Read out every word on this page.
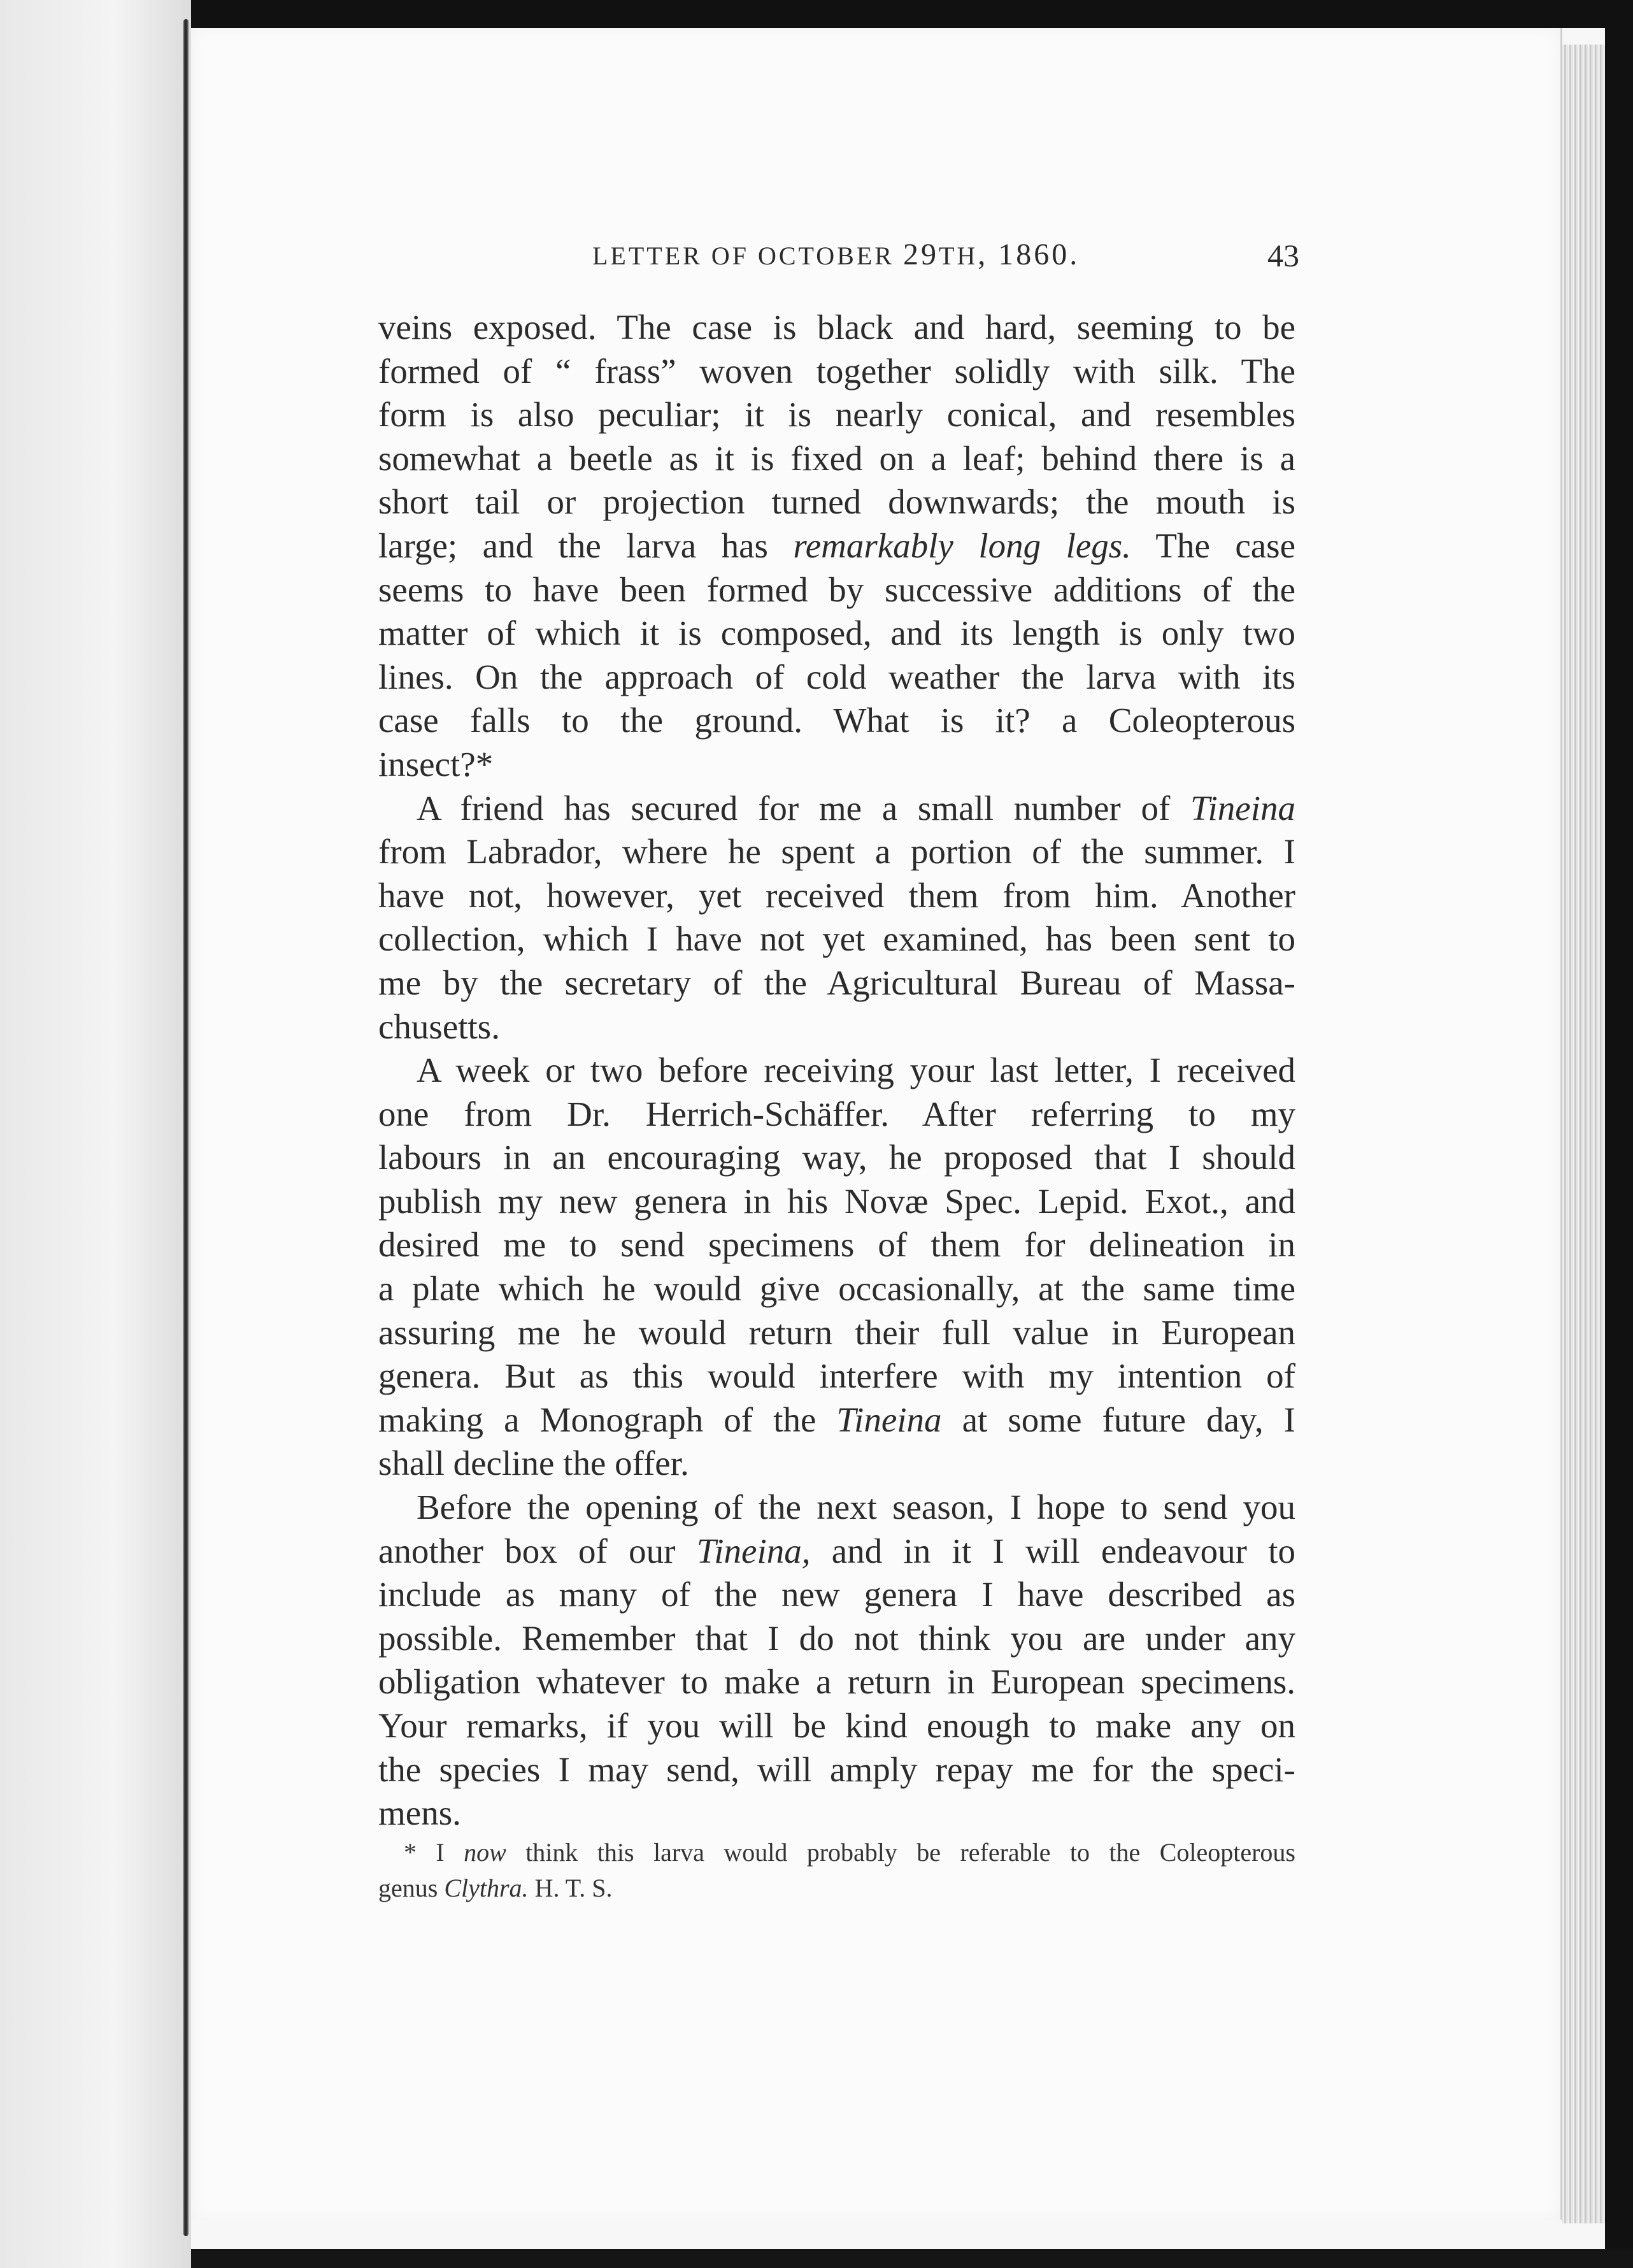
LETTER OF OCTOBER 29TH, 1860.	43
veins exposed. The case is black and hard, seeming to be
formed of “ frass” woven together solidly with silk. The
form is also peculiar; it is nearly conical, and resembles
somewhat a beetle as it is fixed on a leaf; behind there is a
short tail or projection turned downwards; the mouth is
large; and the larva has remarkably long legs. The case
seems to have been formed by successive additions of the
matter of which it is composed, and its length is only two
lines. On the approach of cold weather the larva with its
case falls to the ground. What is it? a Coleopterous
insect?*
A friend has secured for me a small number of Tineina
from Labrador, where he spent a portion of the summer. I
have not, however, yet received them from him. Another
collection, which I have not yet examined, has been sent to
me by the secretary of the Agricultural Bureau of Massa-
chusetts.
A week or two before receiving your last letter, I received
one from Dr. Herrich-Schäffer. After referring to my
labours in an encouraging way, he proposed that I should
publish my new genera in his Novæ Spec. Lepid. Exot., and
desired me to send specimens of them for delineation in
a plate which he would give occasionally, at the same time
assuring me he would return their full value in European
genera. But as this would interfere with my intention of
making a Monograph of the Tineina at some future day, I
shall decline the offer.
Before the opening of the next season, I hope to send you
another box of our Tineina, and in it I will endeavour to
include as many of the new genera I have described as
possible. Remember that I do not think you are under any
obligation whatever to make a return in European specimens.
Your remarks, if you will be kind enough to make any on
the species I may send, will amply repay me for the speci-
mens.
* I now think this larva would probably be referable to the Coleopterous
genus Clythra. H. T. S.
